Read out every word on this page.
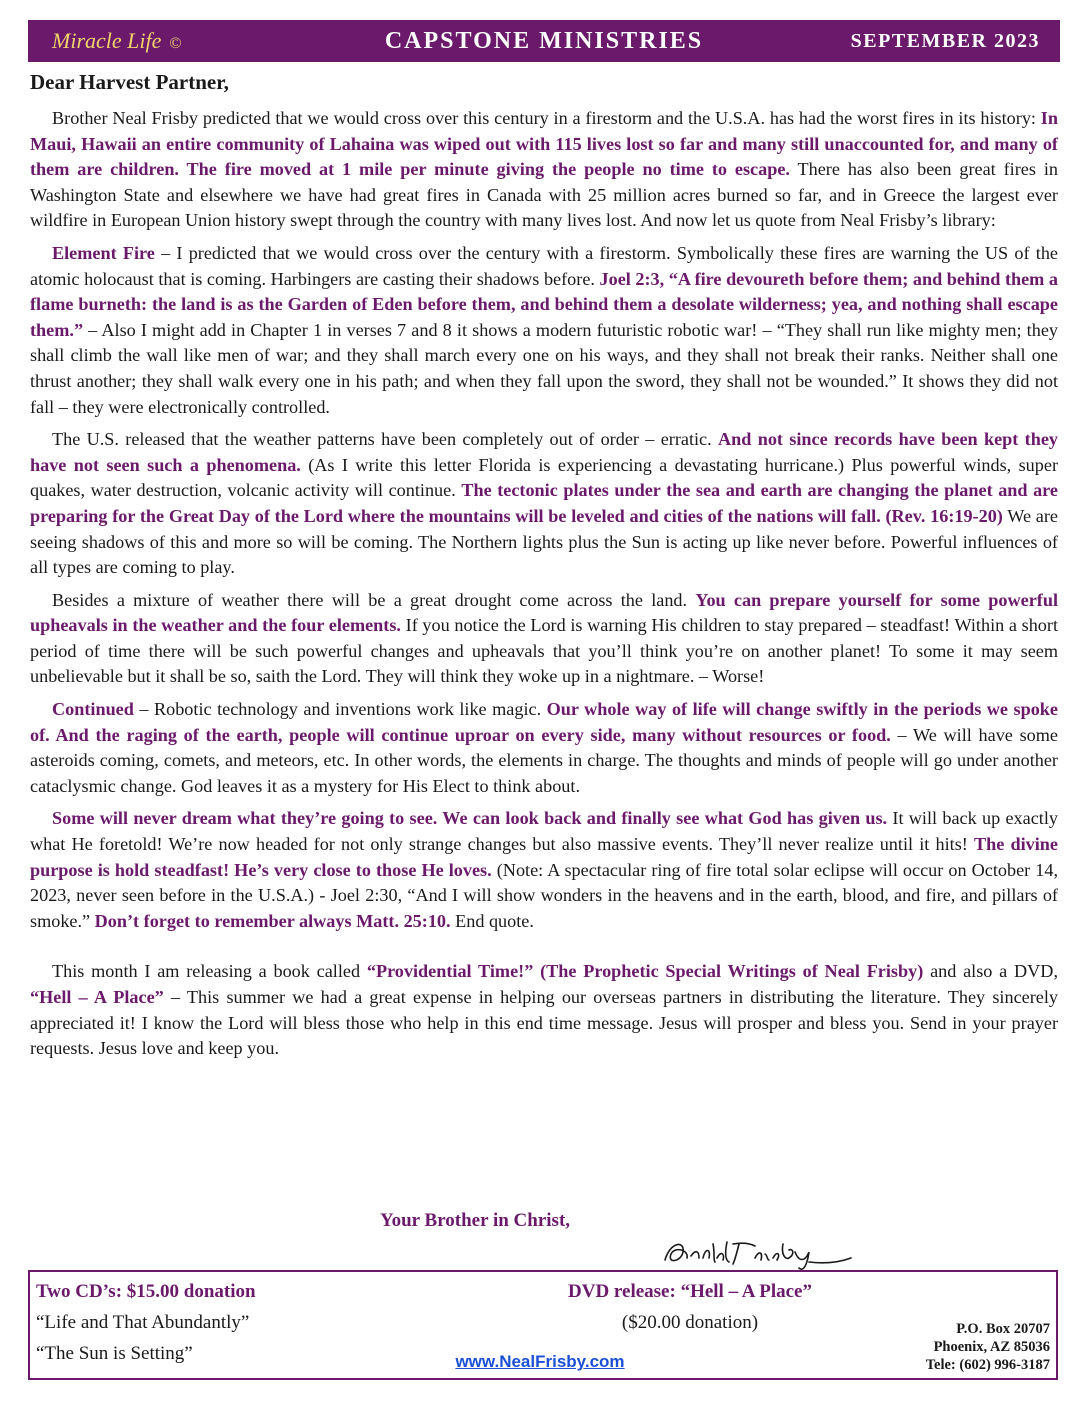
Miracle Life ©	CAPSTONE MINISTRIES	SEPTEMBER 2023
Dear Harvest Partner,

Brother Neal Frisby predicted that we would cross over this century in a firestorm and the U.S.A. has had the worst fires in its history: In Maui, Hawaii an entire community of Lahaina was wiped out with 115 lives lost so far and many still unaccounted for, and many of them are children. The fire moved at 1 mile per minute giving the people no time to escape. There has also been great fires in Washington State and elsewhere we have had great fires in Canada with 25 million acres burned so far, and in Greece the largest ever wildfire in European Union history swept through the country with many lives lost. And now let us quote from Neal Frisby’s library:

Element Fire – I predicted that we would cross over the century with a firestorm. Symbolically these fires are warning the US of the atomic holocaust that is coming. Harbingers are casting their shadows before. Joel 2:3, “A fire devoureth before them; and behind them a flame burneth: the land is as the Garden of Eden before them, and behind them a desolate wilderness; yea, and nothing shall escape them.” – Also I might add in Chapter 1 in verses 7 and 8 it shows a modern futuristic robotic war! – “They shall run like mighty men; they shall climb the wall like men of war; and they shall march every one on his ways, and they shall not break their ranks. Neither shall one thrust another; they shall walk every one in his path; and when they fall upon the sword, they shall not be wounded.” It shows they did not fall – they were electronically controlled.

The U.S. released that the weather patterns have been completely out of order – erratic. And not since records have been kept they have not seen such a phenomena. (As I write this letter Florida is experiencing a devastating hurricane.) Plus powerful winds, super quakes, water destruction, volcanic activity will continue. The tectonic plates under the sea and earth are changing the planet and are preparing for the Great Day of the Lord where the mountains will be leveled and cities of the nations will fall. (Rev. 16:19-20) We are seeing shadows of this and more so will be coming. The Northern lights plus the Sun is acting up like never before. Powerful influences of all types are coming to play.

Besides a mixture of weather there will be a great drought come across the land. You can prepare yourself for some powerful upheavals in the weather and the four elements. If you notice the Lord is warning His children to stay prepared – steadfast! Within a short period of time there will be such powerful changes and upheavals that you’ll think you’re on another planet! To some it may seem unbelievable but it shall be so, saith the Lord. They will think they woke up in a nightmare. – Worse!

Continued – Robotic technology and inventions work like magic. Our whole way of life will change swiftly in the periods we spoke of. And the raging of the earth, people will continue uproar on every side, many without resources or food. – We will have some asteroids coming, comets, and meteors, etc. In other words, the elements in charge. The thoughts and minds of people will go under another cataclysmic change. God leaves it as a mystery for His Elect to think about.

Some will never dream what they’re going to see. We can look back and finally see what God has given us. It will back up exactly what He foretold! We’re now headed for not only strange changes but also massive events. They’ll never realize until it hits! The divine purpose is hold steadfast! He’s very close to those He loves. (Note: A spectacular ring of fire total solar eclipse will occur on October 14, 2023, never seen before in the U.S.A.) - Joel 2:30, “And I will show wonders in the heavens and in the earth, blood, and fire, and pillars of smoke.” Don’t forget to remember always Matt. 25:10. End quote.

This month I am releasing a book called “Providential Time!” (The Prophetic Special Writings of Neal Frisby) and also a DVD, “Hell – A Place” – This summer we had a great expense in helping our overseas partners in distributing the literature. They sincerely appreciated it! I know the Lord will bless those who help in this end time message. Jesus will prosper and bless you. Send in your prayer requests. Jesus love and keep you.

Your Brother in Christ,
Two CD’s: $15.00 donation
“Life and That Abundantly”
“The Sun is Setting”
DVD release: “Hell – A Place”
($20.00 donation)
www.NealFrisby.com
P.O. Box 20707
Phoenix, AZ 85036
Tele: (602) 996-3187
